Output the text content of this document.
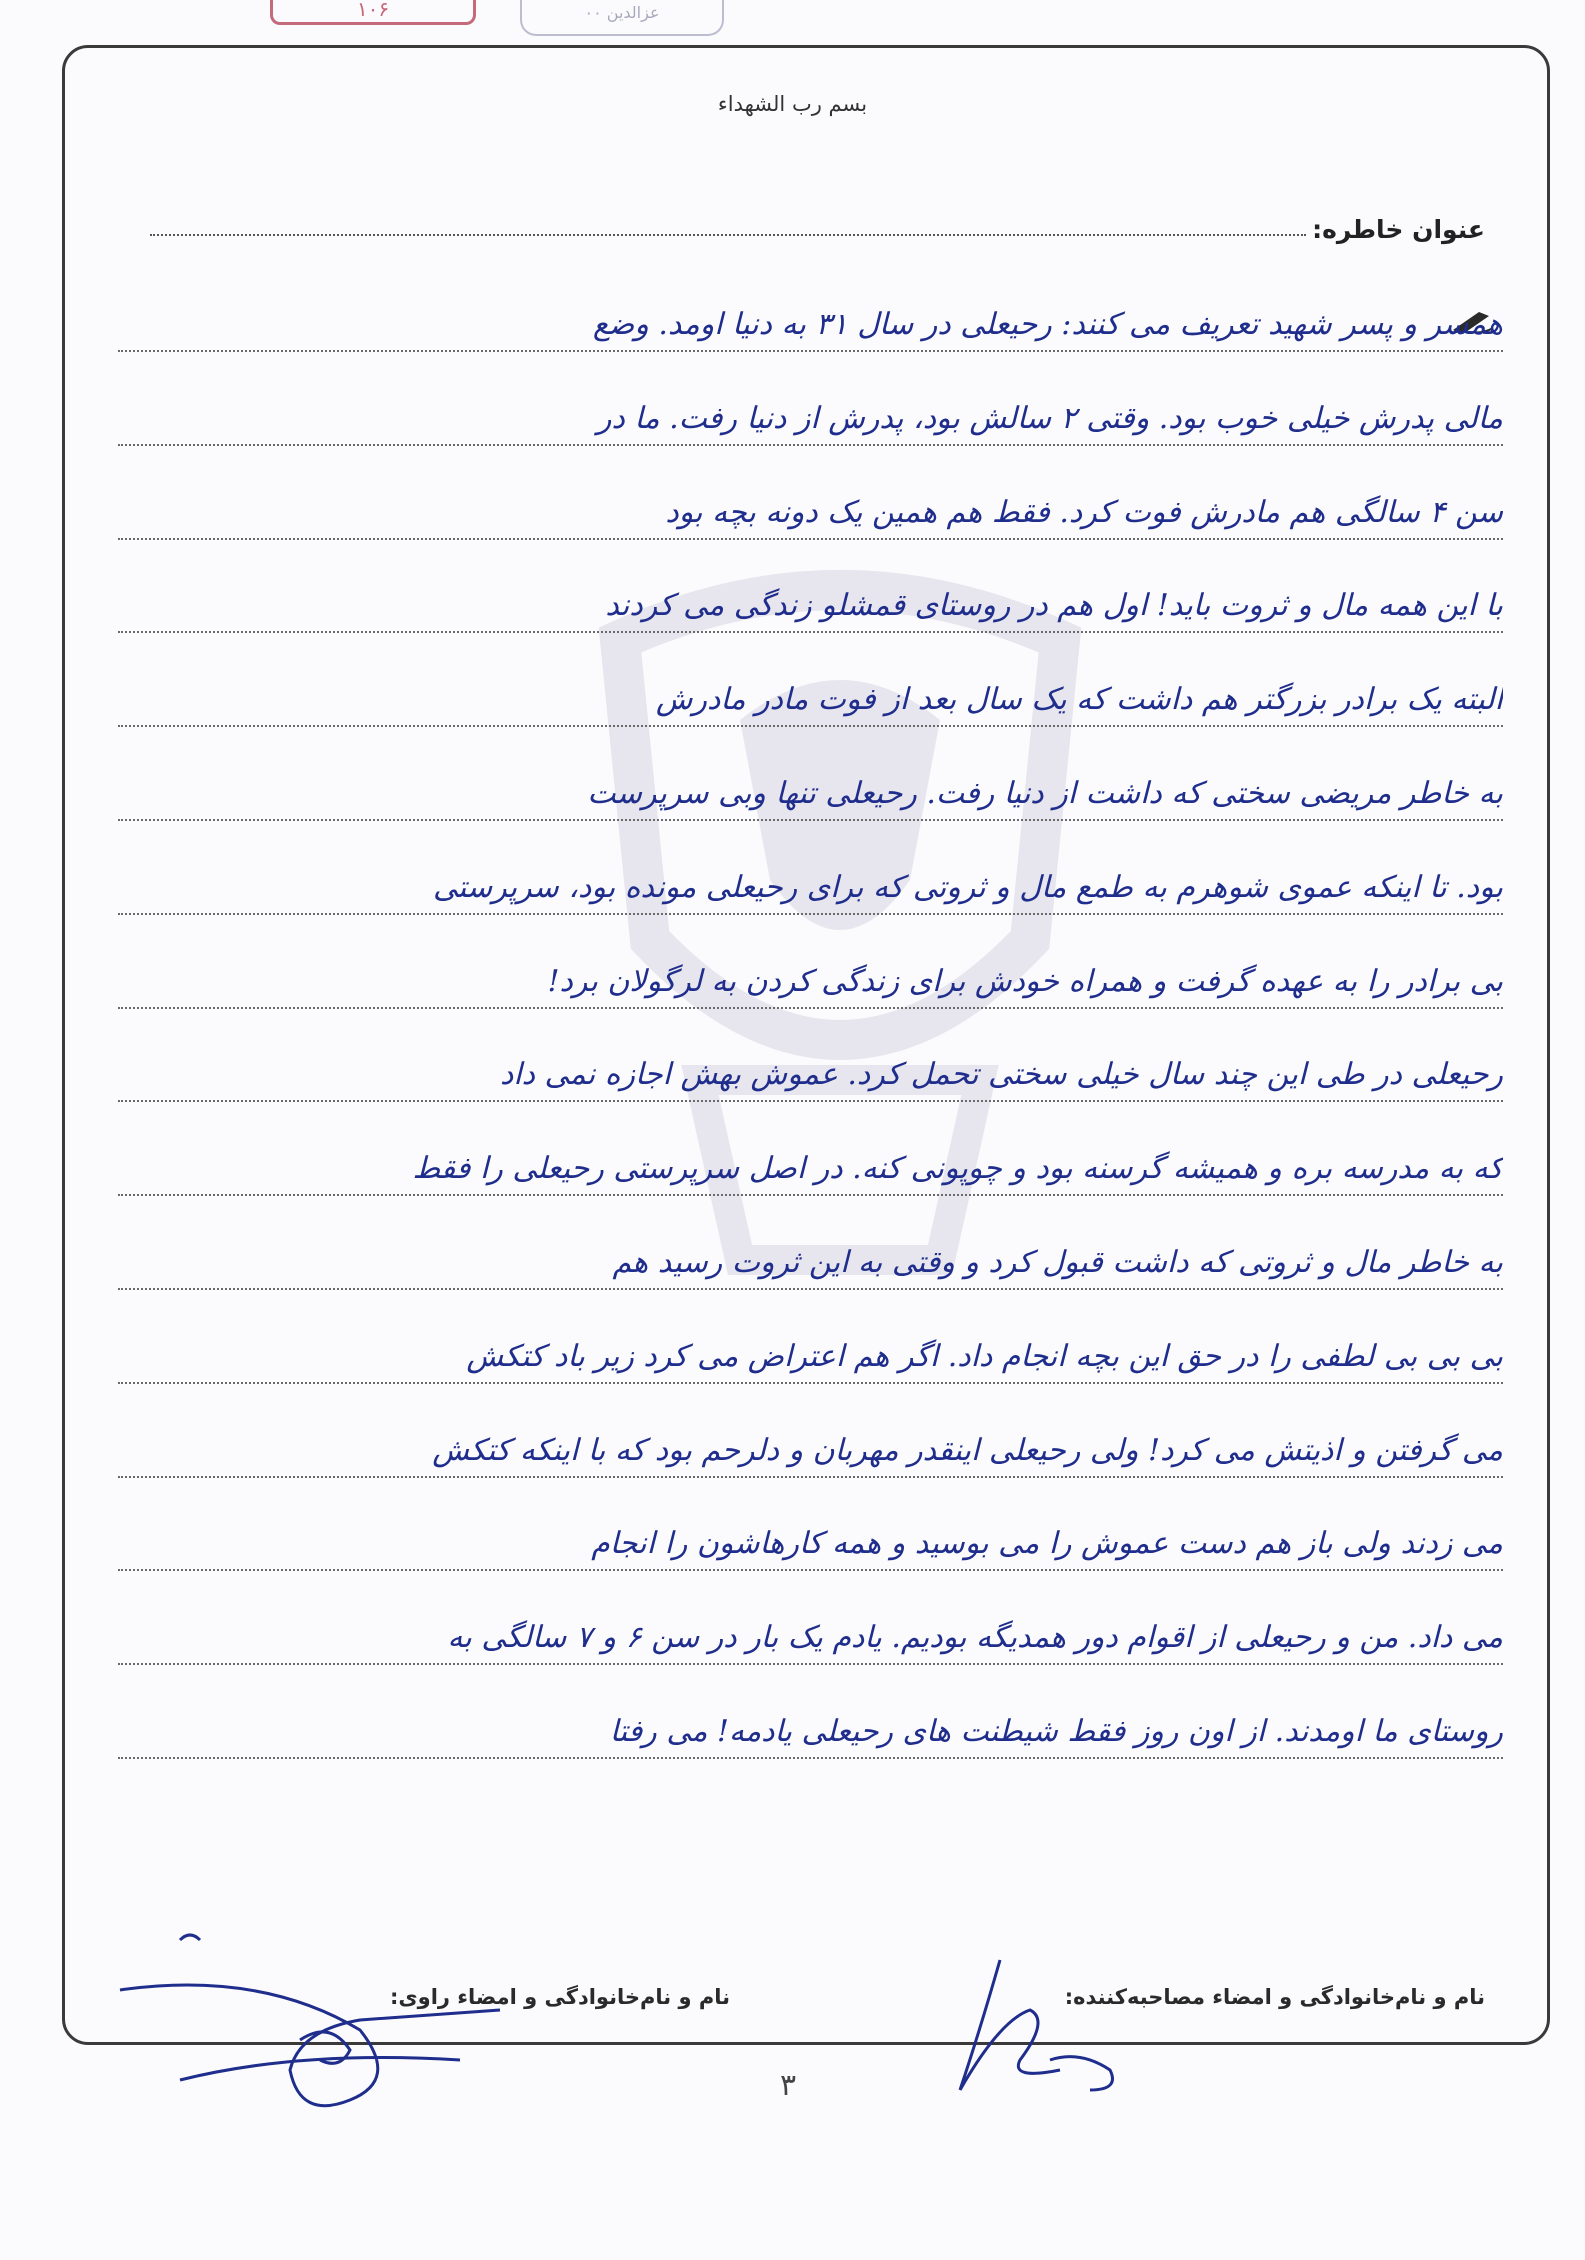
۱۰۶	۰۰ عزالدین
بسم رب الشهداء
عنوان خاطره:
همسر و پسر شهید تعریف می کنند: رحیعلی در سال ۳۱ به دنیا اومد. وضع
مالی پدرش خیلی خوب بود. وقتی ۲ سالش بود، پدرش از دنیا رفت. ما در
سن ۴ سالگی هم مادرش فوت کرد. فقط هم همین یک دونه بچه بود
با این همه مال و ثروت باید! اول هم در روستای قمشلو زندگی می کردند
البته یک برادر بزرگتر هم داشت که یک سال بعد از فوت مادر مادرش
به خاطر مریضی سختی که داشت از دنیا رفت. رحیعلی تنها وبی سرپرست
بود. تا اینکه عموی شوهرم به طمع مال و ثروتی که برای رحیعلی مونده بود، سرپرستی
بی برادر را به عهده گرفت و همراه خودش برای زندگی کردن به لرگولان برد!
رحیعلی در طی این چند سال خیلی سختی تحمل کرد. عموش بهش اجازه نمی داد
که به مدرسه بره و همیشه گرسنه بود و چوپونی کنه. در اصل سرپرستی رحیعلی را فقط
به خاطر مال و ثروتی که داشت قبول کرد و وقتی به این ثروت رسید هم
بی بی بی لطفی را در حق این بچه انجام داد. اگر هم اعتراض می کرد زیر باد کتکش
می گرفتن و اذیتش می کرد! ولی رحیعلی اینقدر مهربان و دلرحم بود که با اینکه کتکش
می زدند ولی باز هم دست عموش را می بوسید و همه کارهاشون را انجام
می داد. من و رحیعلی از اقوام دور همدیگه بودیم. یادم یک بار در سن ۶ و ۷ سالگی به
روستای ما اومدند. از اون روز فقط شیطنت های رحیعلی یادمه! می رفتا
نام و نام‌خانوادگی و امضاء مصاحبه‌کننده:
نام و نام‌خانوادگی و امضاء راوی:
۳
